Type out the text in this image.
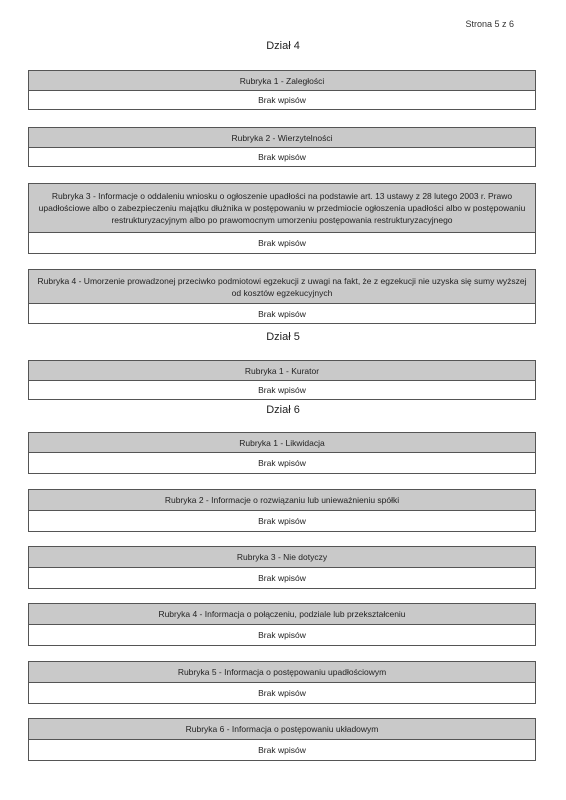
Strona 5 z 6
Dział 4
Rubryka 1 - Zaległości
Brak wpisów
Rubryka 2 - Wierzytelności
Brak wpisów
Rubryka 3 - Informacje o oddaleniu wniosku o ogłoszenie upadłości na podstawie art. 13 ustawy z 28 lutego 2003 r. Prawo upadłościowe albo o zabezpieczeniu majątku dłużnika w postępowaniu w przedmiocie ogłoszenia upadłości albo w postępowaniu restrukturyzacyjnym albo po prawomocnym umorzeniu postępowania restrukturyzacyjnego
Brak wpisów
Rubryka 4 - Umorzenie prowadzonej przeciwko podmiotowi egzekucji z uwagi na fakt, że z egzekucji nie uzyska się sumy wyższej od kosztów egzekucyjnych
Brak wpisów
Dział 5
Rubryka 1 - Kurator
Brak wpisów
Dział 6
Rubryka 1 - Likwidacja
Brak wpisów
Rubryka 2 - Informacje o rozwiązaniu lub unieważnieniu spółki
Brak wpisów
Rubryka 3 - Nie dotyczy
Brak wpisów
Rubryka 4 - Informacja o połączeniu, podziale lub przekształceniu
Brak wpisów
Rubryka 5 - Informacja o postępowaniu upadłościowym
Brak wpisów
Rubryka 6 - Informacja o postępowaniu układowym
Brak wpisów
